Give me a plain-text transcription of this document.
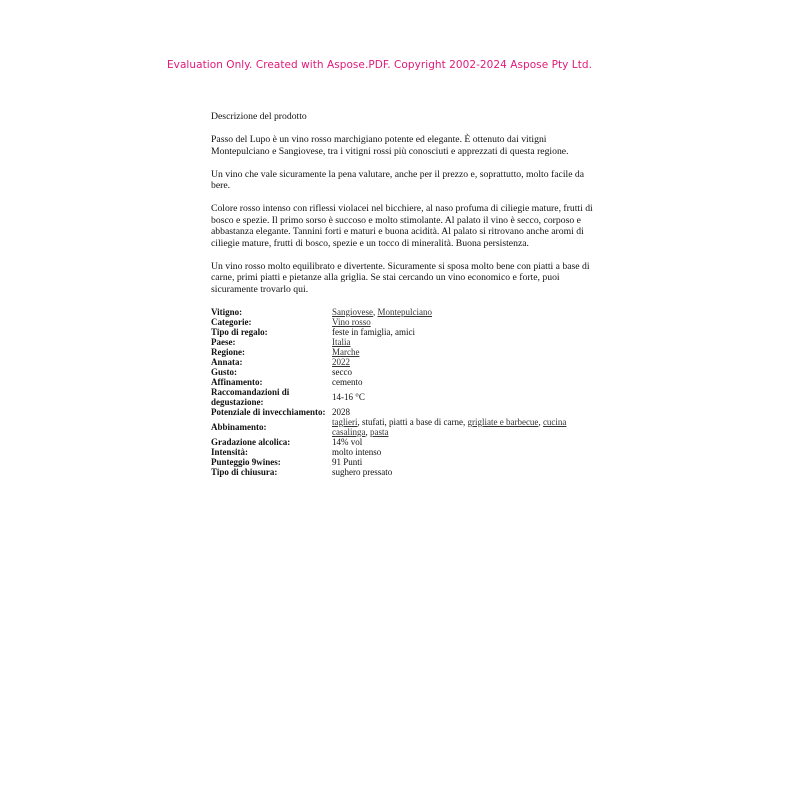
Evaluation Only. Created with Aspose.PDF. Copyright 2002-2024 Aspose Pty Ltd.
Descrizione del prodotto

Passo del Lupo è un vino rosso marchigiano potente ed elegante. È ottenuto dai vitigni Montepulciano e Sangiovese, tra i vitigni rossi più conosciuti e apprezzati di questa regione.

Un vino che vale sicuramente la pena valutare, anche per il prezzo e, soprattutto, molto facile da bere.

Colore rosso intenso con riflessi violacei nel bicchiere, al naso profuma di ciliegie mature, frutti di bosco e spezie. Il primo sorso è succoso e molto stimolante. Al palato il vino è secco, corposo e abbastanza elegante. Tannini forti e maturi e buona acidità. Al palato si ritrovano anche aromi di ciliegie mature, frutti di bosco, spezie e un tocco di mineralità. Buona persistenza.

Un vino rosso molto equilibrato e divertente. Sicuramente si sposa molto bene con piatti a base di carne, primi piatti e pietanze alla griglia. Se stai cercando un vino economico e forte, puoi sicuramente trovarlo qui.

Vitigno:	Sangiovese, Montepulciano
Categorie:	Vino rosso
Tipo di regalo:	feste in famiglia, amici
Paese:	Italia
Regione:	Marche
Annata:	2022
Gusto:	secco
Affinamento:	cemento
Raccomandazioni di degustazione:	14-16 °C
Potenziale di invecchiamento:	2028
Abbinamento:	taglieri, stufati, piatti a base di carne, grigliate e barbecue, cucina casalinga, pasta
Gradazione alcolica:	14% vol
Intensità:	molto intenso
Punteggio 9wines:	91 Punti
Tipo di chiusura:	sughero pressato
